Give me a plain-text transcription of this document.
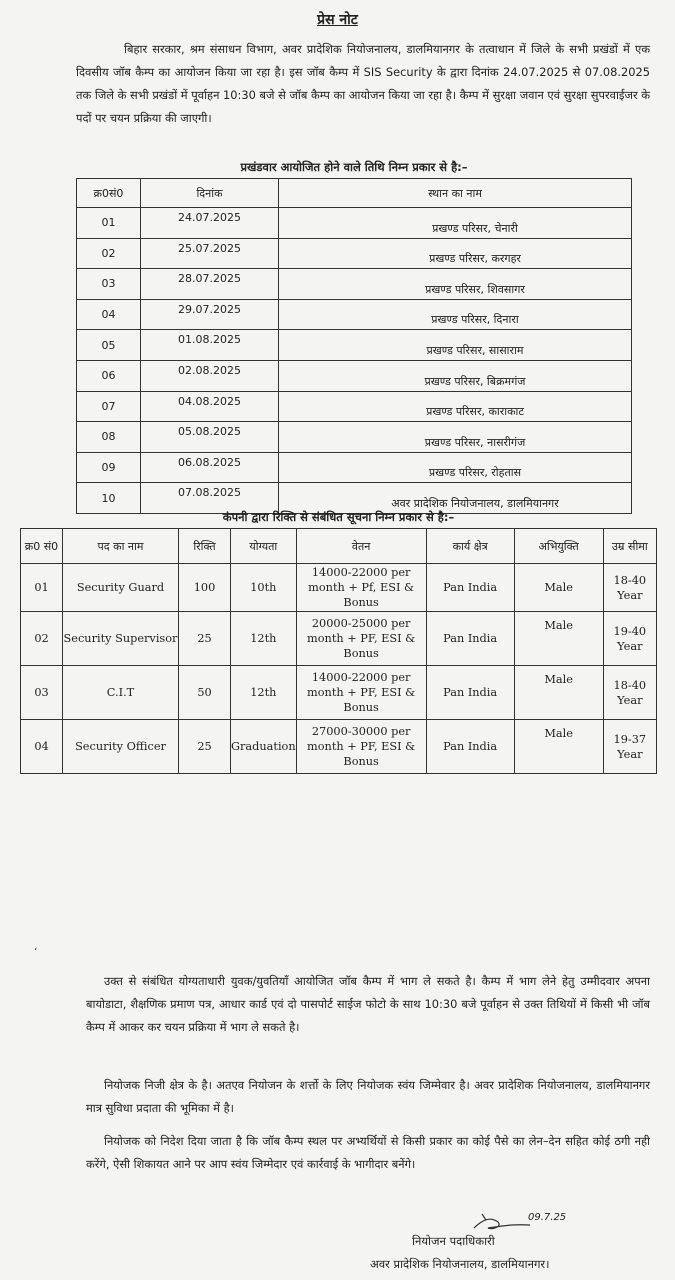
प्रेस नोट

बिहार सरकार, श्रम संसाधन विभाग, अवर प्रादेशिक नियोजनालय, डालमियानगर के तत्वाधान में जिले के सभी प्रखंडों में एक दिवसीय जॉब कैम्प का आयोजन किया जा रहा है। इस जॉब कैम्प में SIS Security के द्वारा दिनांक 24.07.2025 से 07.08.2025 तक जिले के सभी प्रखंडों में पूर्वाहन 10:30 बजे से जॉब कैम्प का आयोजन किया जा रहा है। कैम्प में सुरक्षा जवान एवं सुरक्षा सुपरवाईजर के पदों पर चयन प्रक्रिया की जाएगी।

प्रखंडवार आयोजित होने वाले तिथि निम्न प्रकार से है:–
क्र0सं0	दिनांक	स्थान का नाम
01	24.07.2025	प्रखण्ड परिसर, चेनारी
02	25.07.2025	प्रखण्ड परिसर, करगहर
03	28.07.2025	प्रखण्ड परिसर, शिवसागर
04	29.07.2025	प्रखण्ड परिसर, दिनारा
05	01.08.2025	प्रखण्ड परिसर, सासाराम
06	02.08.2025	प्रखण्ड परिसर, बिक्रमगंज
07	04.08.2025	प्रखण्ड परिसर, काराकाट
08	05.08.2025	प्रखण्ड परिसर, नासरीगंज
09	06.08.2025	प्रखण्ड परिसर, रोहतास
10	07.08.2025	अवर प्रादेशिक नियोजनालय, डालमियानगर
कंपनी द्वारा रिक्ति से संबंधित सूचना निम्न प्रकार से है:–
क्र0 सं0	पद का नाम	रिक्ति	योग्यता	वेतन	कार्य क्षेत्र	अभियुक्ति	उम्र सीमा
01	Security Guard	100	10th	14000-22000 per month + Pf, ESI & Bonus	Pan India	Male	18-40 Year
02	Security Supervisor	25	12th	20000-25000 per month + PF, ESI & Bonus	Pan India	Male	19-40 Year
03	C.I.T	50	12th	14000-22000 per month + PF, ESI & Bonus	Pan India	Male	18-40 Year
04	Security Officer	25	Graduation	27000-30000 per month + PF, ESI & Bonus	Pan India	Male	19-37 Year
،

उक्त से संबंधित योग्यताधारी युवक/युवतियाँ आयोजित जॉब कैम्प में भाग ले सकते है। कैम्प में भाग लेने हेतु उम्मीदवार अपना बायोडाटा, शैक्षणिक प्रमाण पत्र, आधार कार्ड एवं दो पासपोर्ट साईज फोटो के साथ 10:30 बजे पूर्वाहन से उक्त तिथियों में किसी भी जॉब कैम्प में आकर कर चयन प्रक्रिया में भाग ले सकते है।

नियोजक निजी क्षेत्र के है। अतएव नियोजन के शर्त्तो के लिए नियोजक स्वंय जिम्मेवार है। अवर प्रादेशिक नियोजनालय, डालमियानगर मात्र सुविधा प्रदाता की भूमिका में है।

नियोजक को निदेश दिया जाता है कि जॉब कैम्प स्थल पर अभ्यर्थियों से किसी प्रकार का कोई पैसे का लेन–देन सहित कोई ठगी नही करेंगे, ऐसी शिकायत आने पर आप स्वंय जिम्मेदार एवं कार्रवाई के भागीदार बनेंगे।

09.7.25
नियोजन पदाधिकारी
अवर प्रादेशिक नियोजनालय, डालमियानगर।
